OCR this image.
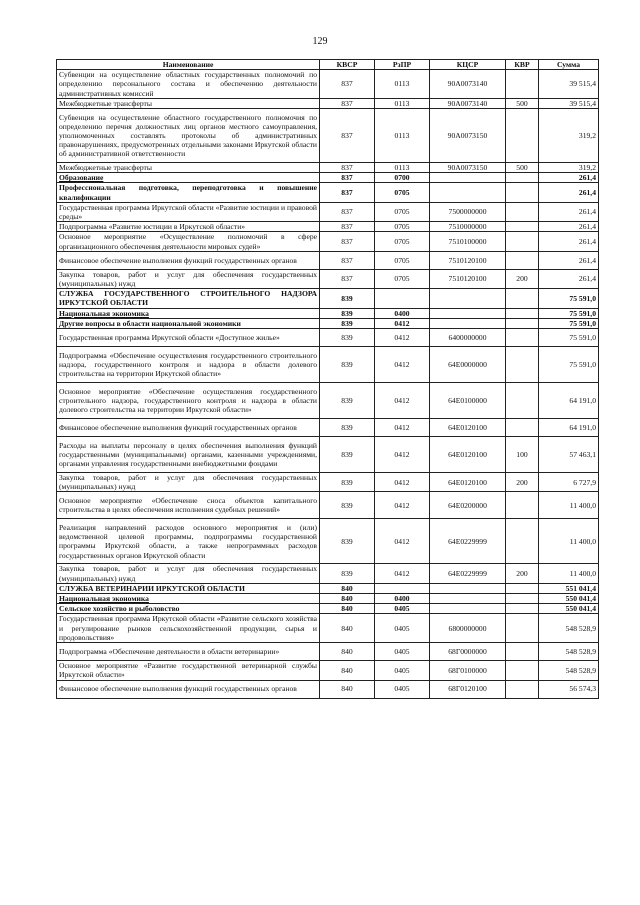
129
Наименование	КВСР	РзПР	КЦСР	КВР	Сумма
Субвенции на осуществление областных государственных полномочий по определению персонального состава и обеспечению деятельности административных комиссий	837	0113	90А0073140		39 515,4
Межбюджетные трансферты	837	0113	90А0073140	500	39 515,4
Субвенция на осуществление областного государственного полномочия по определению перечня должностных лиц органов местного самоуправления, уполномоченных составлять протоколы об административных правонарушениях, предусмотренных отдельными законами Иркутской области об административной ответственности	837	0113	90А0073150		319,2
Межбюджетные трансферты	837	0113	90А0073150	500	319,2
Образование	837	0700			261,4
Профессиональная подготовка, переподготовка и повышение квалификации	837	0705			261,4
Государственная программа Иркутской области «Развитие юстиции и правовой среды»	837	0705	7500000000		261,4
Подпрограмма «Развитие юстиции в Иркутской области»	837	0705	7510000000		261,4
Основное мероприятие «Осуществление полномочий в сфере организационного обеспечения деятельности мировых судей»	837	0705	7510100000		261,4
Финансовое обеспечение выполнения функций государственных органов	837	0705	7510120100		261,4
Закупка товаров, работ и услуг для обеспечения государственных (муниципальных) нужд	837	0705	7510120100	200	261,4
СЛУЖБА ГОСУДАРСТВЕННОГО СТРОИТЕЛЬНОГО НАДЗОРА ИРКУТСКОЙ ОБЛАСТИ	839				75 591,0
Национальная экономика	839	0400			75 591,0
Другие вопросы в области национальной экономики	839	0412			75 591,0
Государственная программа Иркутской области «Доступное жилье»	839	0412	6400000000		75 591,0
Подпрограмма «Обеспечение осуществления государственного строительного надзора, государственного контроля и надзора в области долевого строительства на территории Иркутской области»	839	0412	64Е0000000		75 591,0
Основное мероприятие «Обеспечение осуществления государственного строительного надзора, государственного контроля и надзора в области долевого строительства на территории Иркутской области»	839	0412	64Е0100000		64 191,0
Финансовое обеспечение выполнения функций государственных органов	839	0412	64Е0120100		64 191,0
Расходы на выплаты персоналу в целях обеспечения выполнения функций государственными (муниципальными) органами, казенными учреждениями, органами управления государственными внебюджетными фондами	839	0412	64Е0120100	100	57 463,1
Закупка товаров, работ и услуг для обеспечения государственных (муниципальных) нужд	839	0412	64Е0120100	200	6 727,9
Основное мероприятие «Обеспечение сноса объектов капитального строительства в целях обеспечения исполнения судебных решений»	839	0412	64Е0200000		11 400,0
Реализация направлений расходов основного мероприятия и (или) ведомственной целевой программы, подпрограммы государственной программы Иркутской области, а также непрограммных расходов государственных органов Иркутской области	839	0412	64Е0229999		11 400,0
Закупка товаров, работ и услуг для обеспечения государственных (муниципальных) нужд	839	0412	64Е0229999	200	11 400,0
СЛУЖБА ВЕТЕРИНАРИИ ИРКУТСКОЙ ОБЛАСТИ	840				551 041,4
Национальная экономика	840	0400			550 041,4
Сельское хозяйство и рыболовство	840	0405			550 041,4
Государственная программа Иркутской области «Развитие сельского хозяйства и регулирование рынков сельскохозяйственной продукции, сырья и продовольствия»	840	0405	6800000000		548 528,9
Подпрограмма «Обеспечение деятельности в области ветеринарии»	840	0405	68Г0000000		548 528,9
Основное мероприятие «Развитие государственной ветеринарной службы Иркутской области»	840	0405	68Г0100000		548 528,9
Финансовое обеспечение выполнения функций государственных органов	840	0405	68Г0120100		56 574,3
